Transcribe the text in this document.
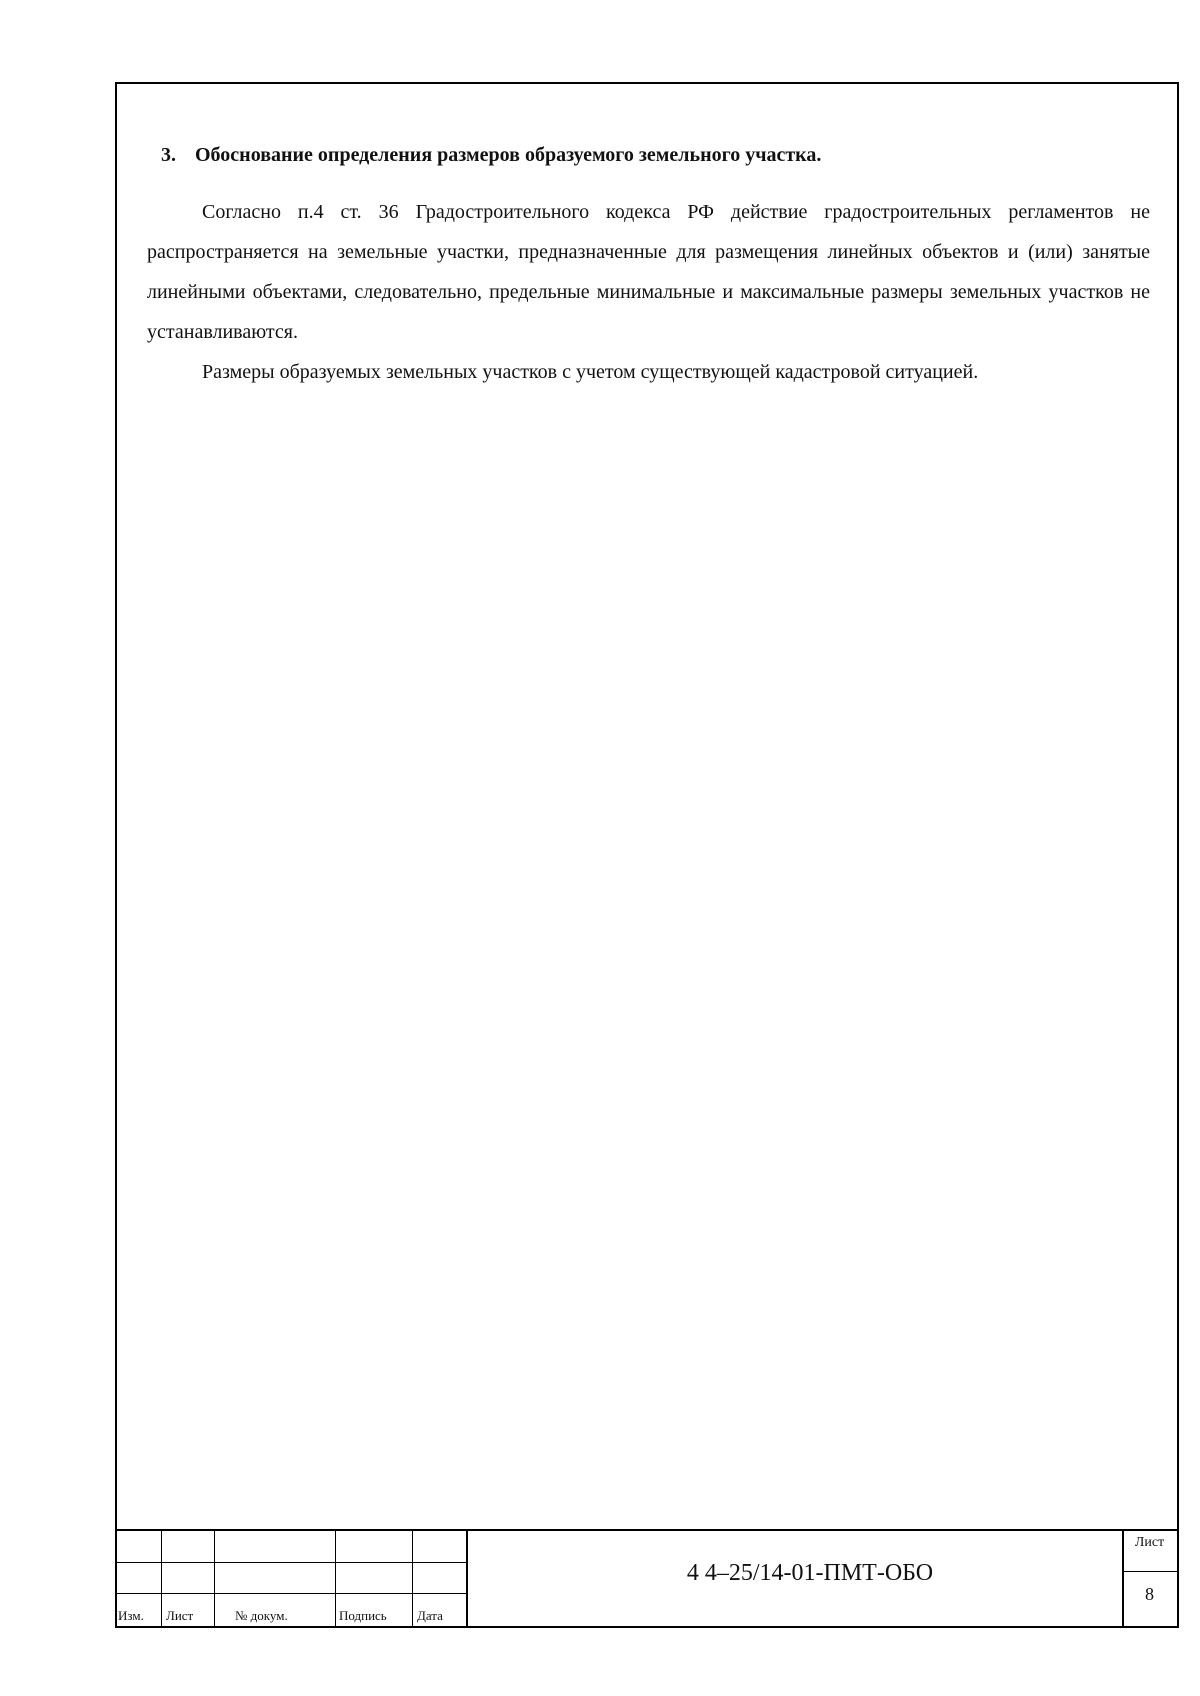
3. Обоснование определения размеров образуемого земельного участка.

Согласно п.4 ст. 36 Градостроительного кодекса РФ действие градостроительных регламентов не распространяется на земельные участки, предназначенные для размещения линейных объектов и (или) занятые линейными объектами, следовательно, предельные минимальные и максимальные размеры земельных участков не устанавливаются.

Размеры образуемых земельных участков с учетом существующей кадастровой ситуацией.

Изм. Лист	№ докум.	Подпись Дата
4 4–25/14-01-ПМТ-ОБО
Лист
8
